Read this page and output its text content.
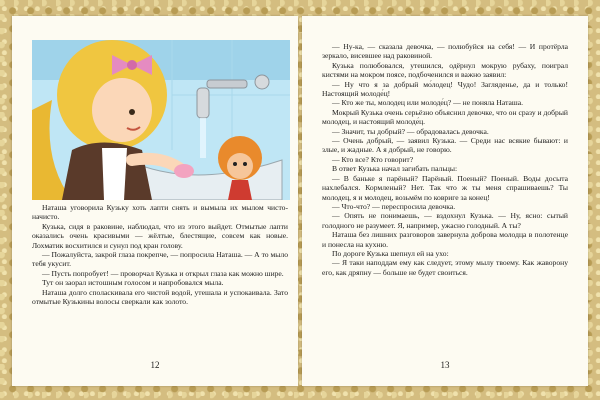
Наташа уговорила Кузьку хоть лапти снять и вымыла их мылом чисто-начисто.

Кузька, сидя в раковине, наблюдал, что из этого выйдет. Отмытые лапти оказались очень красивыми — жёлтые, блестящие, совсем как новые. Лохматик восхитился и сунул под кран голову.

— Пожалуйста, закрой глаза покрепче, — попросила Наташа. — А то мыло тебя укусит.

— Пусть попробует! — проворчал Кузька и открыл глаза как можно шире.

Тут он заорал истошным голосом и напробовался мыла.

Наташа долго споласкивала его чистой водой, утешала и успокаивала. Зато отмытые Кузькины волосы сверкали как золото.

12

— Ну-ка, — сказала девочка, — полюбуйся на себя! — И протёрла зеркало, висевшее над раковиной.

Кузька полюбовался, утешился, одёрнул мокрую рубаху, поиграл кистями на мокром поясе, подбоченился и важно заявил:

— Ну что я за добрый мо́лодец! Чудо! Загляденье, да и только! Настоящий молоде́ц!

— Кто же ты, молодец или молоде́ц? — не поняла Наташа.

Мокрый Кузька очень серьёзно объяснил девочке, что он сразу и добрый молодец, и настоящий молоде́ц.

— Значит, ты добрый? — обрадовалась девочка.

— Очень добрый, — заявил Кузька. — Среди нас всякие бывают: и злые, и жадные. А я добрый, не говорю.

— Кто все? Кто говорит?

В ответ Кузька начал загибать пальцы:

— В баньке я парёный? Парёный. Поеный? Поеный. Воды досыта нахлебался. Кормленый? Нет. Так что ж ты меня спрашиваешь? Ты молодец, я и молодец, возьмём по ковриге за конец!

— Что-что? — переспросила девочка.

— Опять не понимаешь, — вздохнул Кузька. — Ну, ясно: сытый голодного не разумеет. Я, например, ужасно голодный. А ты?

Наташа без лишних разговоров завернула доброва молодца в полотенце и понесла на кухню.

По дороге Кузька шепнул ей на ухо:

— Я таки наподдам ему как следует, этому мылу твоему. Как жаворону его, как дряпну — больше не будет своиться.

13
